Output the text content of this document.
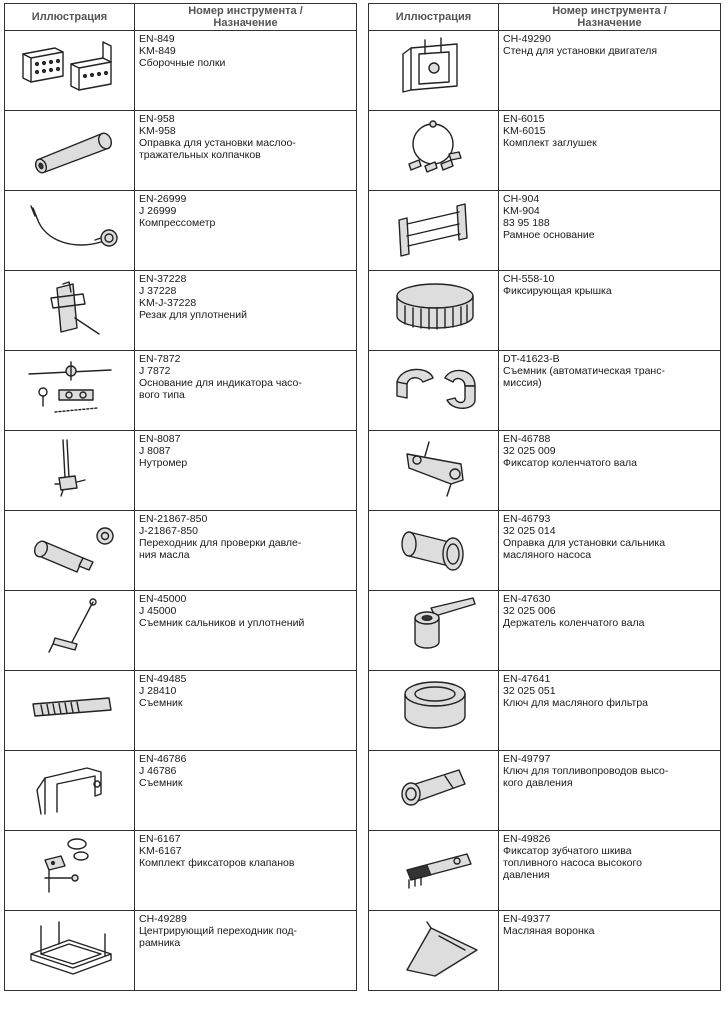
Иллюстрация	Номер инструмента /
Назначение

EN-849
KM-849
Сборочные полки

EN-958
KM-958
Оправка для установки маслоо-
тражательных колпачков

EN-26999
J 26999
Компрессометр

EN-37228
J 37228
KM-J-37228
Резак для уплотнений

EN-7872
J 7872
Основание для индикатора часо-
вого типа

EN-8087
J 8087
Нутромер

EN-21867-850
J-21867-850
Переходник для проверки давле-
ния масла

EN-45000
J 45000
Съемник сальников и уплотнений

EN-49485
J 28410
Съемник

EN-46786
J 46786
Съемник

EN-6167
KM-6167
Комплект фиксаторов клапанов

CH-49289
Центрирующий переходник под-
рамника
Иллюстрация	Номер инструмента /
Назначение

CH-49290
Стенд для установки двигателя

EN-6015
KM-6015
Комплект заглушек

CH-904
KM-904
83 95 188
Рамное основание

CH-558-10
Фиксирующая крышка

DT-41623-B
Съемник (автоматическая транс-
миссия)

EN-46788
32 025 009
Фиксатор коленчатого вала

EN-46793
32 025 014
Оправка для установки сальника
масляного насоса

EN-47630
32 025 006
Держатель коленчатого вала

EN-47641
32 025 051
Ключ для масляного фильтра

EN-49797
Ключ для топливопроводов высо-
кого давления

EN-49826
Фиксатор зубчатого шкива
топливного насоса высокого
давления

EN-49377
Масляная воронка
